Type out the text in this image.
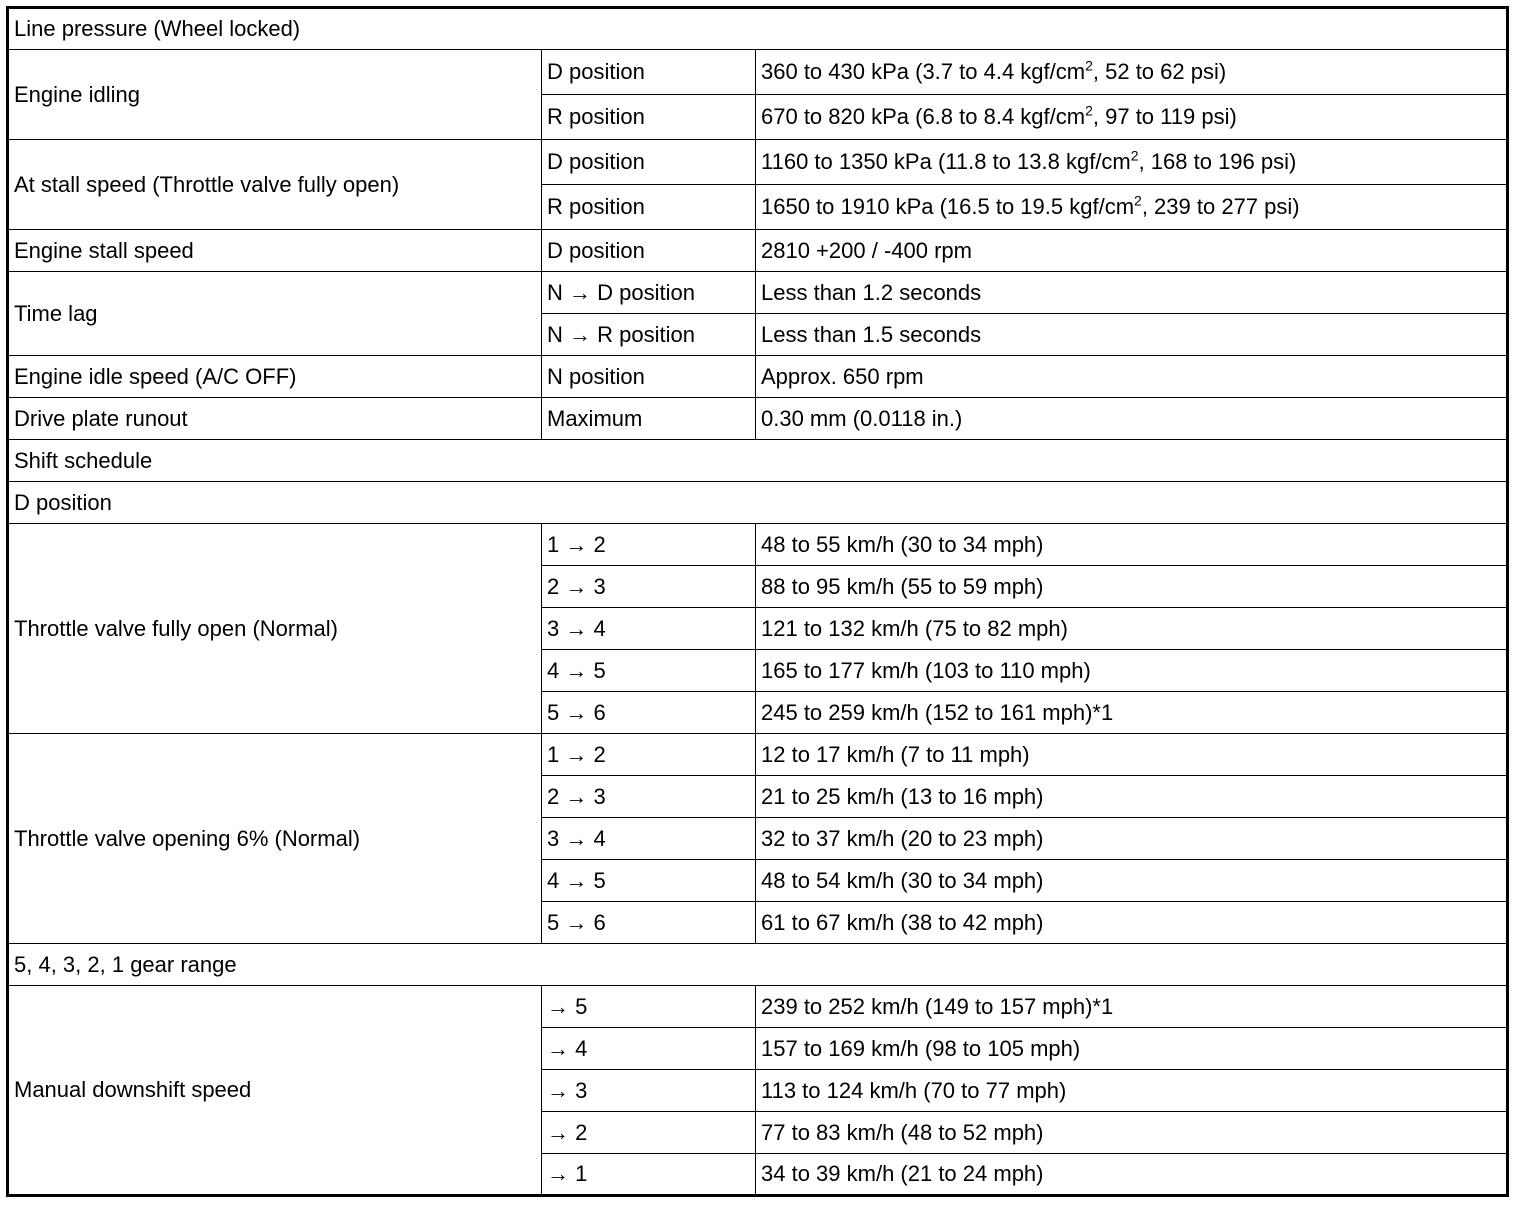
Line pressure (Wheel locked)		
Engine idling	D position	360 to 430 kPa (3.7 to 4.4 kgf/$cm^2$, 52 to 62 psi)
	R position	670 to 820 kPa (6.8 to 8.4 kgf/$cm^2$, 97 to 119 psi)
At stall speed (Throttle valve fully open)	D position	1160 to 1350 kPa (11.8 to 13.8 kgf/$cm^2$, 168 to 196 psi)
	R position	1650 to 1910 kPa (16.5 to 19.5 kgf/$cm^2$, 239 to 277 psi)
Engine stall speed	D position	2810 +200 / -400 rpm
Time lag	N → D position	Less than 1.2 seconds
	N → R position	Less than 1.5 seconds
Engine idle speed (A/C OFF)	N position	Approx. 650 rpm
Drive plate runout	Maximum	0.30 mm (0.0118 in.)
Shift schedule		
D position		
Throttle valve fully open (Normal)	1 → 2	48 to 55 km/h (30 to 34 mph)
	2 → 3	88 to 95 km/h (55 to 59 mph)
	3 → 4	121 to 132 km/h (75 to 82 mph)
	4 → 5	165 to 177 km/h (103 to 110 mph)
	5 → 6	245 to 259 km/h (152 to 161 mph)*1
Throttle valve opening 6% (Normal)	1 → 2	12 to 17 km/h (7 to 11 mph)
	2 → 3	21 to 25 km/h (13 to 16 mph)
	3 → 4	32 to 37 km/h (20 to 23 mph)
	4 → 5	48 to 54 km/h (30 to 34 mph)
	5 → 6	61 to 67 km/h (38 to 42 mph)
5, 4, 3, 2, 1 gear range		
Manual downshift speed	→ 5	239 to 252 km/h (149 to 157 mph)*1
	→ 4	157 to 169 km/h (98 to 105 mph)
	→ 3	113 to 124 km/h (70 to 77 mph)
	→ 2	77 to 83 km/h (48 to 52 mph)
	→ 1	34 to 39 km/h (21 to 24 mph)
